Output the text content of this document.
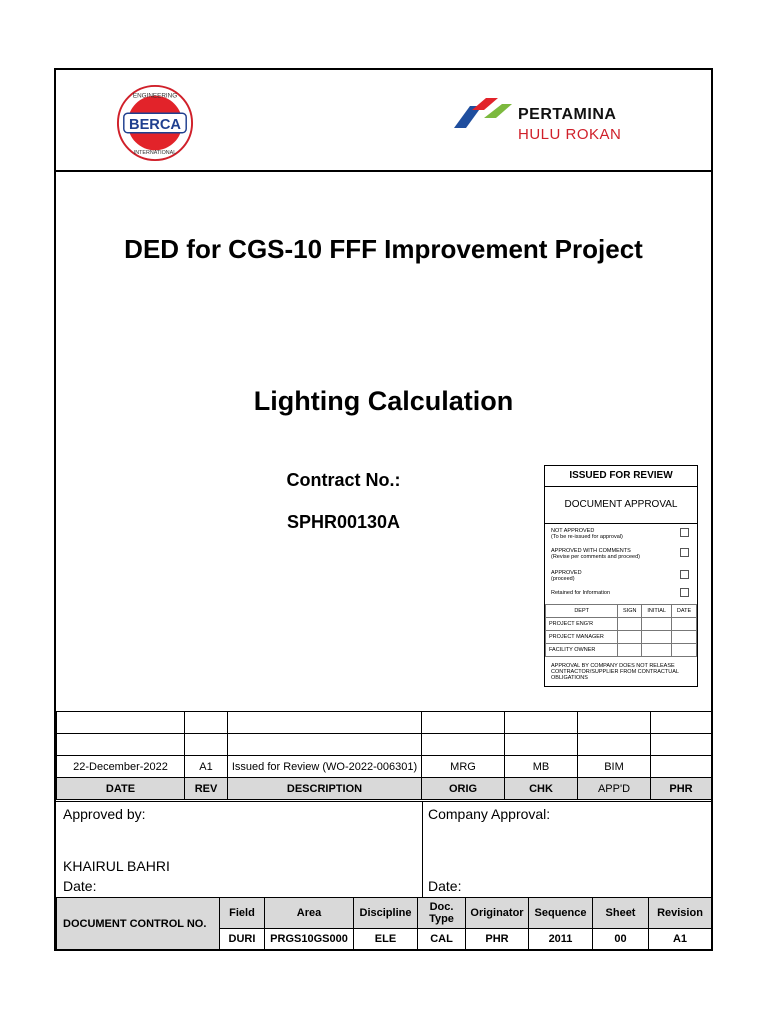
BERCA
ENGINEERING
INTERNATIONAL
PERTAMINA
HULU ROKAN
DED for CGS-10 FFF Improvement Project
Lighting Calculation
Contract No.:
SPHR00130A
ISSUED FOR REVIEW
DOCUMENT APPROVAL
NOT APPROVED
(To be re-issued for approval)
APPROVED WITH COMMENTS
(Revise per comments and proceed)
APPROVED
(proceed)
Retained for Information
DEPT	SIGN	INITIAL	DATE
PROJECT ENG'R			
PROJECT MANAGER			
FACILITY OWNER			
APPROVAL BY COMPANY DOES NOT RELEASE CONTRACTOR/SUPPLIER FROM CONTRACTUAL OBLIGATIONS

22-December-2022	A1	Issued for Review (WO-2022-006301)	MRG	MB	BIM	
DATE	REV	DESCRIPTION	ORIG	CHK	APP'D	PHR
Approved by:
KHAIRUL BAHRI
Date:
Company Approval:
Date:
DOCUMENT CONTROL NO.	Field	Area	Discipline	Doc. Type	Originator	Sequence	Sheet	Revision
	DURI	PRGS10GS000	ELE	CAL	PHR	2011	00	A1
